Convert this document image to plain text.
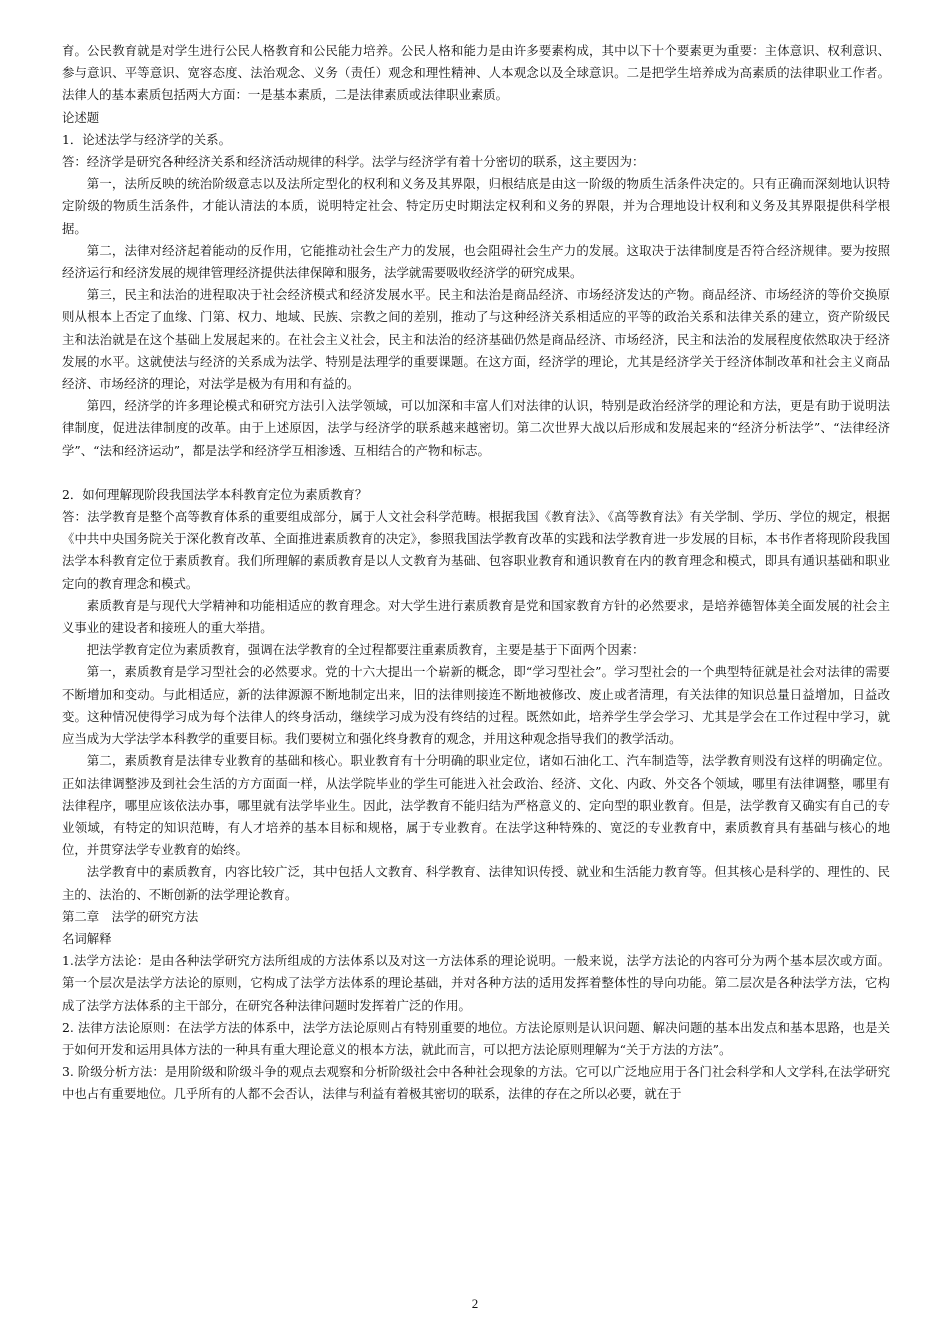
育。公民教育就是对学生进行公民人格教育和公民能力培养。公民人格和能力是由许多要素构成，其中以下十个要素更为重要：主体意识、权利意识、参与意识、平等意识、宽容态度、法治观念、义务（责任）观念和理性精神、人本观念以及全球意识。二是把学生培养成为高素质的法律职业工作者。法律人的基本素质包括两大方面：一是基本素质，二是法律素质或法律职业素质。

论述题

1．论述法学与经济学的关系。

答：经济学是研究各种经济关系和经济活动规律的科学。法学与经济学有着十分密切的联系，这主要因为：

第一，法所反映的统治阶级意志以及法所定型化的权利和义务及其界限，归根结底是由这一阶级的物质生活条件决定的。只有正确而深刻地认识特定阶级的物质生活条件，才能认清法的本质，说明特定社会、特定历史时期法定权利和义务的界限，并为合理地设计权利和义务及其界限提供科学根据。

第二，法律对经济起着能动的反作用，它能推动社会生产力的发展，也会阻碍社会生产力的发展。这取决于法律制度是否符合经济规律。要为按照经济运行和经济发展的规律管理经济提供法律保障和服务，法学就需要吸收经济学的研究成果。

第三，民主和法治的进程取决于社会经济模式和经济发展水平。民主和法治是商品经济、市场经济发达的产物。商品经济、市场经济的等价交换原则从根本上否定了血缘、门第、权力、地域、民族、宗教之间的差别，推动了与这种经济关系相适应的平等的政治关系和法律关系的建立，资产阶级民主和法治就是在这个基础上发展起来的。在社会主义社会，民主和法治的经济基础仍然是商品经济、市场经济，民主和法治的发展程度依然取决于经济发展的水平。这就使法与经济的关系成为法学、特别是法理学的重要课题。在这方面，经济学的理论，尤其是经济学关于经济体制改革和社会主义商品经济、市场经济的理论，对法学是极为有用和有益的。

第四，经济学的许多理论模式和研究方法引入法学领域，可以加深和丰富人们对法律的认识，特别是政治经济学的理论和方法，更是有助于说明法律制度，促进法律制度的改革。由于上述原因，法学与经济学的联系越来越密切。第二次世界大战以后形成和发展起来的“经济分析法学”、“法律经济学”、“法和经济运动”，都是法学和经济学互相渗透、互相结合的产物和标志。

2．如何理解现阶段我国法学本科教育定位为素质教育？

答：法学教育是整个高等教育体系的重要组成部分，属于人文社会科学范畴。根据我国《教育法》、《高等教育法》有关学制、学历、学位的规定，根据《中共中央国务院关于深化教育改革、全面推进素质教育的决定》，参照我国法学教育改革的实践和法学教育进一步发展的目标，本书作者将现阶段我国法学本科教育定位于素质教育。我们所理解的素质教育是以人文教育为基础、包容职业教育和通识教育在内的教育理念和模式，即具有通识基础和职业定向的教育理念和模式。

素质教育是与现代大学精神和功能相适应的教育理念。对大学生进行素质教育是党和国家教育方针的必然要求，是培养德智体美全面发展的社会主义事业的建设者和接班人的重大举措。

把法学教育定位为素质教育，强调在法学教育的全过程都要注重素质教育，主要是基于下面两个因素：

第一，素质教育是学习型社会的必然要求。党的十六大提出一个崭新的概念，即“学习型社会”。学习型社会的一个典型特征就是社会对法律的需要不断增加和变动。与此相适应，新的法律源源不断地制定出来，旧的法律则接连不断地被修改、废止或者清理，有关法律的知识总量日益增加，日益改变。这种情况使得学习成为每个法律人的终身活动，继续学习成为没有终结的过程。既然如此，培养学生学会学习、尤其是学会在工作过程中学习，就应当成为大学法学本科教学的重要目标。我们要树立和强化终身教育的观念，并用这种观念指导我们的教学活动。

第二，素质教育是法律专业教育的基础和核心。职业教育有十分明确的职业定位，诸如石油化工、汽车制造等，法学教育则没有这样的明确定位。正如法律调整涉及到社会生活的方方面面一样，从法学院毕业的学生可能进入社会政治、经济、文化、内政、外交各个领域，哪里有法律调整，哪里有法律程序，哪里应该依法办事，哪里就有法学毕业生。因此，法学教育不能归结为严格意义的、定向型的职业教育。但是，法学教育又确实有自己的专业领域，有特定的知识范畴，有人才培养的基本目标和规格，属于专业教育。在法学这种特殊的、宽泛的专业教育中，素质教育具有基础与核心的地位，并贯穿法学专业教育的始终。

法学教育中的素质教育，内容比较广泛，其中包括人文教育、科学教育、法律知识传授、就业和生活能力教育等。但其核心是科学的、理性的、民主的、法治的、不断创新的法学理论教育。

第二章　法学的研究方法

名词解释

1.法学方法论：是由各种法学研究方法所组成的方法体系以及对这一方法体系的理论说明。一般来说，法学方法论的内容可分为两个基本层次或方面。第一个层次是法学方法论的原则，它构成了法学方法体系的理论基础，并对各种方法的适用发挥着整体性的导向功能。第二层次是各种法学方法，它构成了法学方法体系的主干部分，在研究各种法律问题时发挥着广泛的作用。

2. 法律方法论原则：在法学方法的体系中，法学方法论原则占有特别重要的地位。方法论原则是认识问题、解决问题的基本出发点和基本思路，也是关于如何开发和运用具体方法的一种具有重大理论意义的根本方法，就此而言，可以把方法论原则理解为“关于方法的方法”。

3. 阶级分析方法：是用阶级和阶级斗争的观点去观察和分析阶级社会中各种社会现象的方法。它可以广泛地应用于各门社会科学和人文学科,在法学研究中也占有重要地位。几乎所有的人都不会否认，法律与利益有着极其密切的联系，法律的存在之所以必要，就在于

2
